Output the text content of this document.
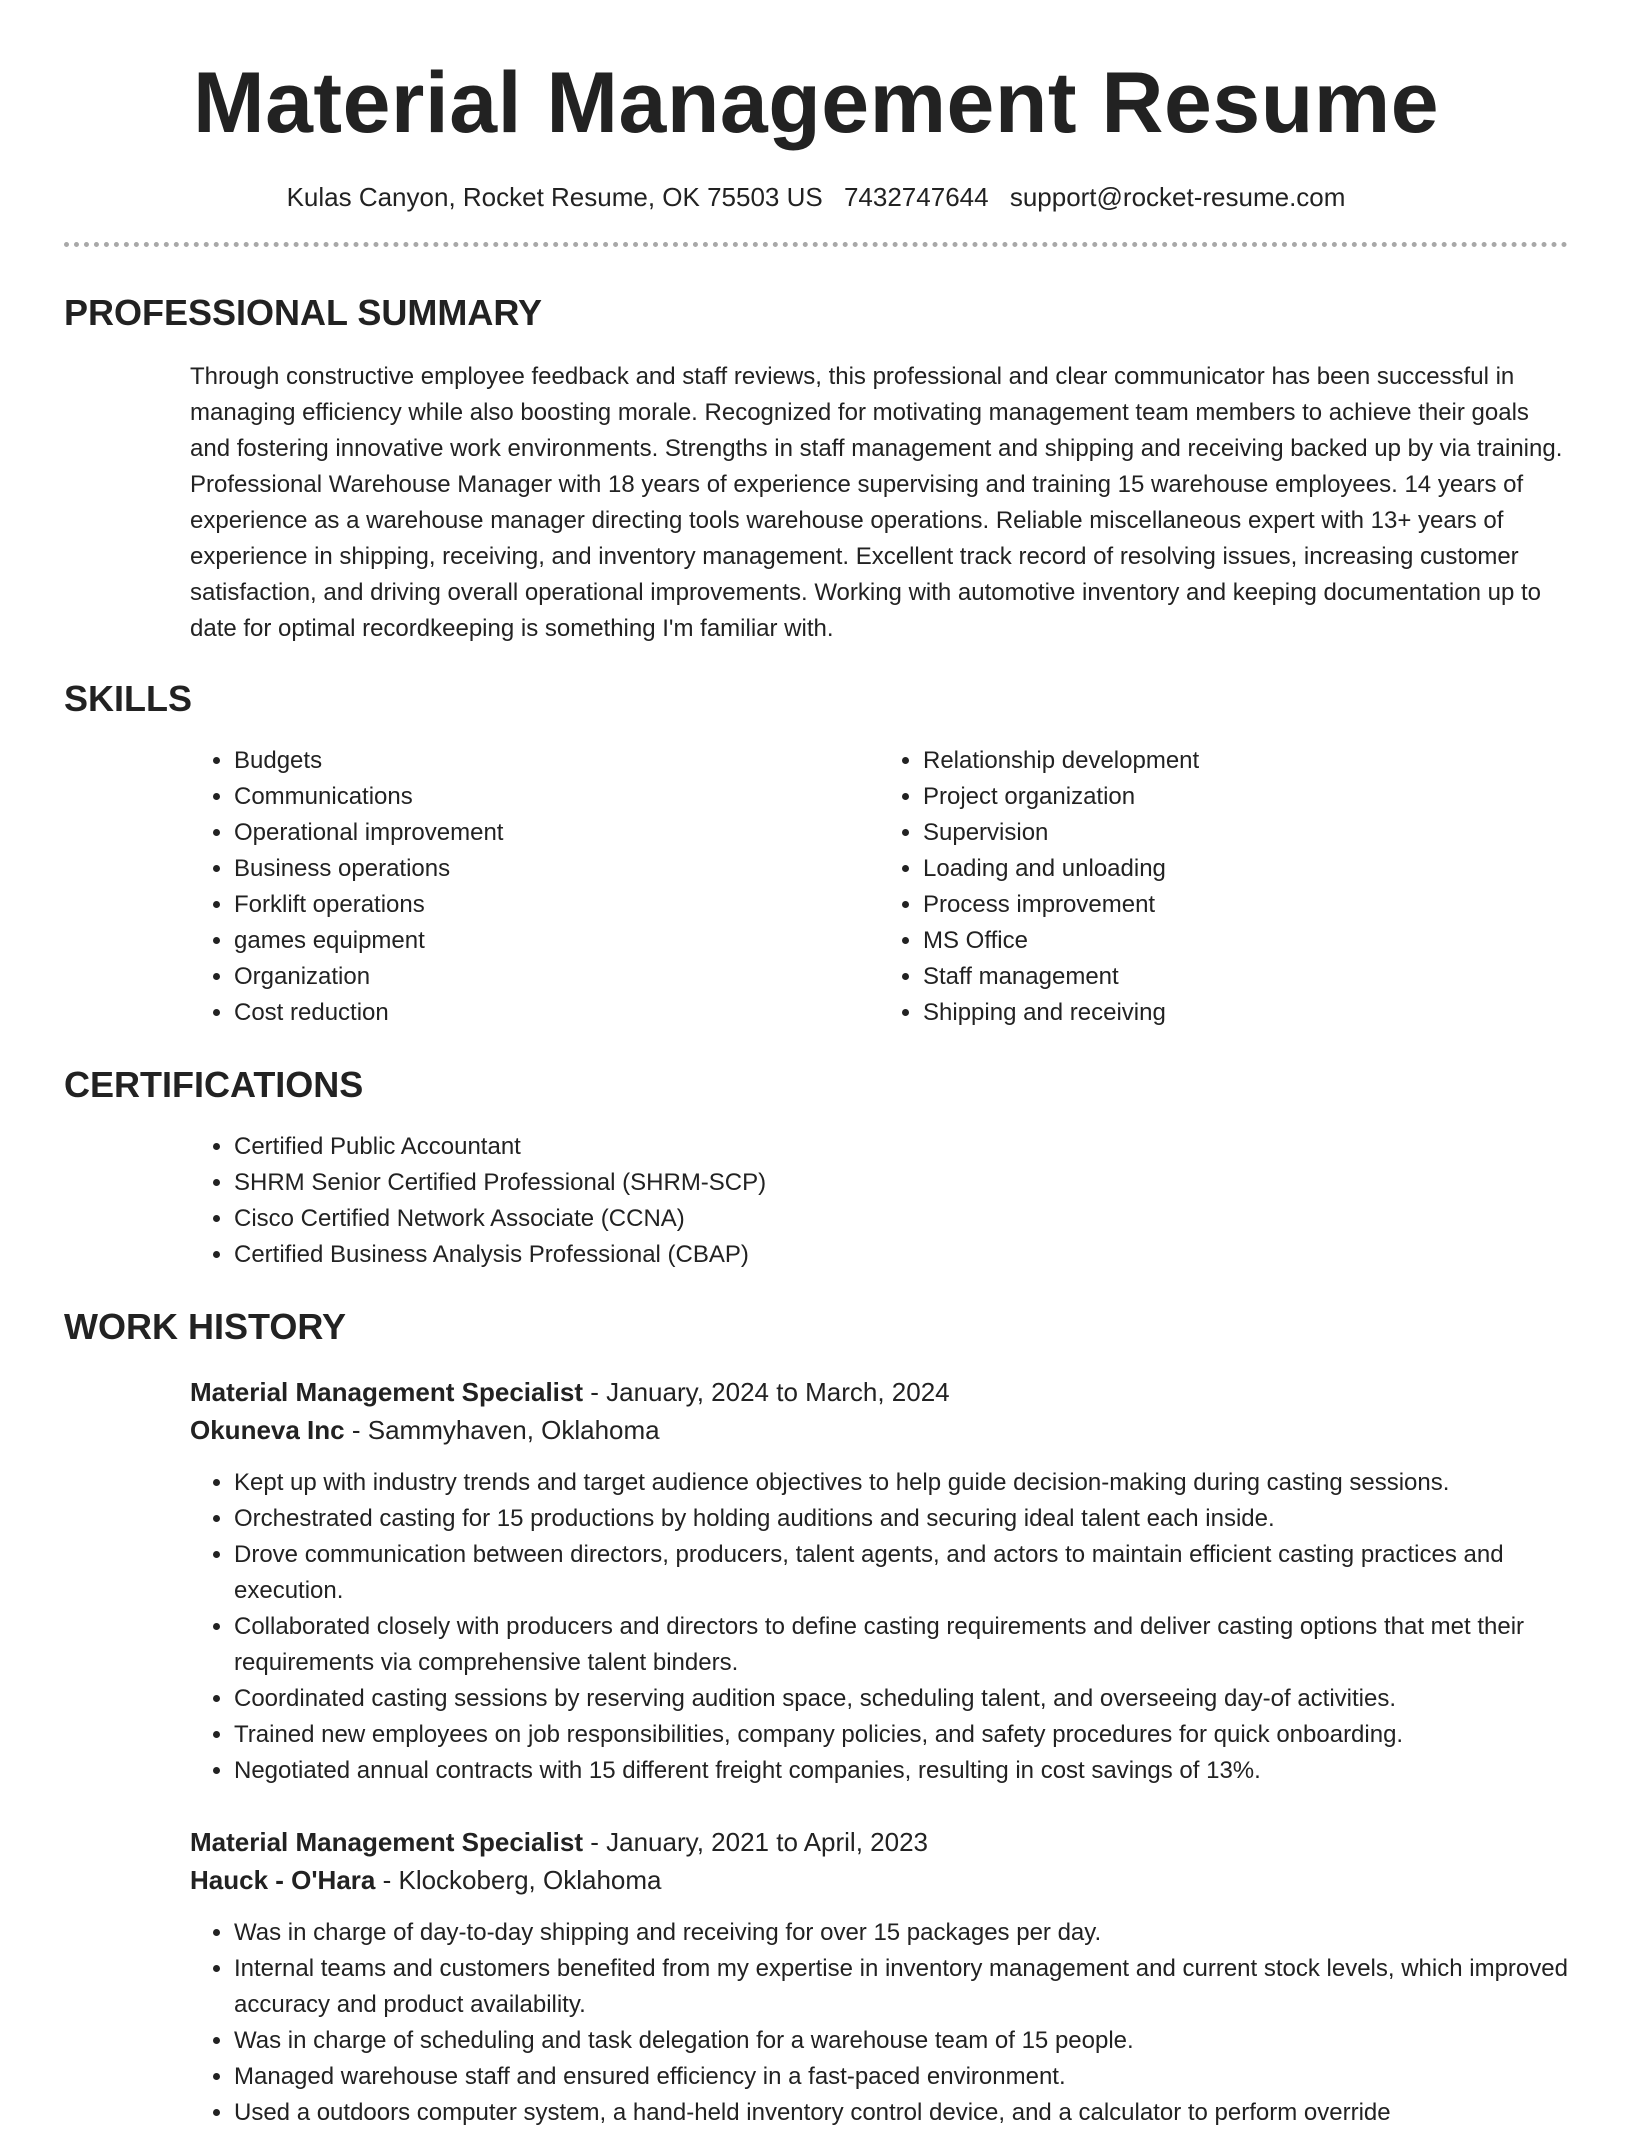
Material Management Resume
Kulas Canyon, Rocket Resume, OK 75503 US 7432747644 support@rocket-resume.com
PROFESSIONAL SUMMARY
Through constructive employee feedback and staff reviews, this professional and clear communicator has been successful in managing efficiency while also boosting morale. Recognized for motivating management team members to achieve their goals and fostering innovative work environments. Strengths in staff management and shipping and receiving backed up by via training. Professional Warehouse Manager with 18 years of experience supervising and training 15 warehouse employees. 14 years of experience as a warehouse manager directing tools warehouse operations. Reliable miscellaneous expert with 13+ years of experience in shipping, receiving, and inventory management. Excellent track record of resolving issues, increasing customer satisfaction, and driving overall operational improvements. Working with automotive inventory and keeping documentation up to date for optimal recordkeeping is something I'm familiar with.
SKILLS
• Budgets
• Communications
• Operational improvement
• Business operations
• Forklift operations
• games equipment
• Organization
• Cost reduction
• Relationship development
• Project organization
• Supervision
• Loading and unloading
• Process improvement
• MS Office
• Staff management
• Shipping and receiving
CERTIFICATIONS
• Certified Public Accountant
• SHRM Senior Certified Professional (SHRM-SCP)
• Cisco Certified Network Associate (CCNA)
• Certified Business Analysis Professional (CBAP)
WORK HISTORY
Material Management Specialist - January, 2024 to March, 2024
Okuneva Inc - Sammyhaven, Oklahoma
• Kept up with industry trends and target audience objectives to help guide decision-making during casting sessions.
• Orchestrated casting for 15 productions by holding auditions and securing ideal talent each inside.
• Drove communication between directors, producers, talent agents, and actors to maintain efficient casting practices and execution.
• Collaborated closely with producers and directors to define casting requirements and deliver casting options that met their requirements via comprehensive talent binders.
• Coordinated casting sessions by reserving audition space, scheduling talent, and overseeing day-of activities.
• Trained new employees on job responsibilities, company policies, and safety procedures for quick onboarding.
• Negotiated annual contracts with 15 different freight companies, resulting in cost savings of 13%.
Material Management Specialist - January, 2021 to April, 2023
Hauck - O'Hara - Klockoberg, Oklahoma
• Was in charge of day-to-day shipping and receiving for over 15 packages per day.
• Internal teams and customers benefited from my expertise in inventory management and current stock levels, which improved accuracy and product availability.
• Was in charge of scheduling and task delegation for a warehouse team of 15 people.
• Managed warehouse staff and ensured efficiency in a fast-paced environment.
• Used a outdoors computer system, a hand-held inventory control device, and a calculator to perform override
